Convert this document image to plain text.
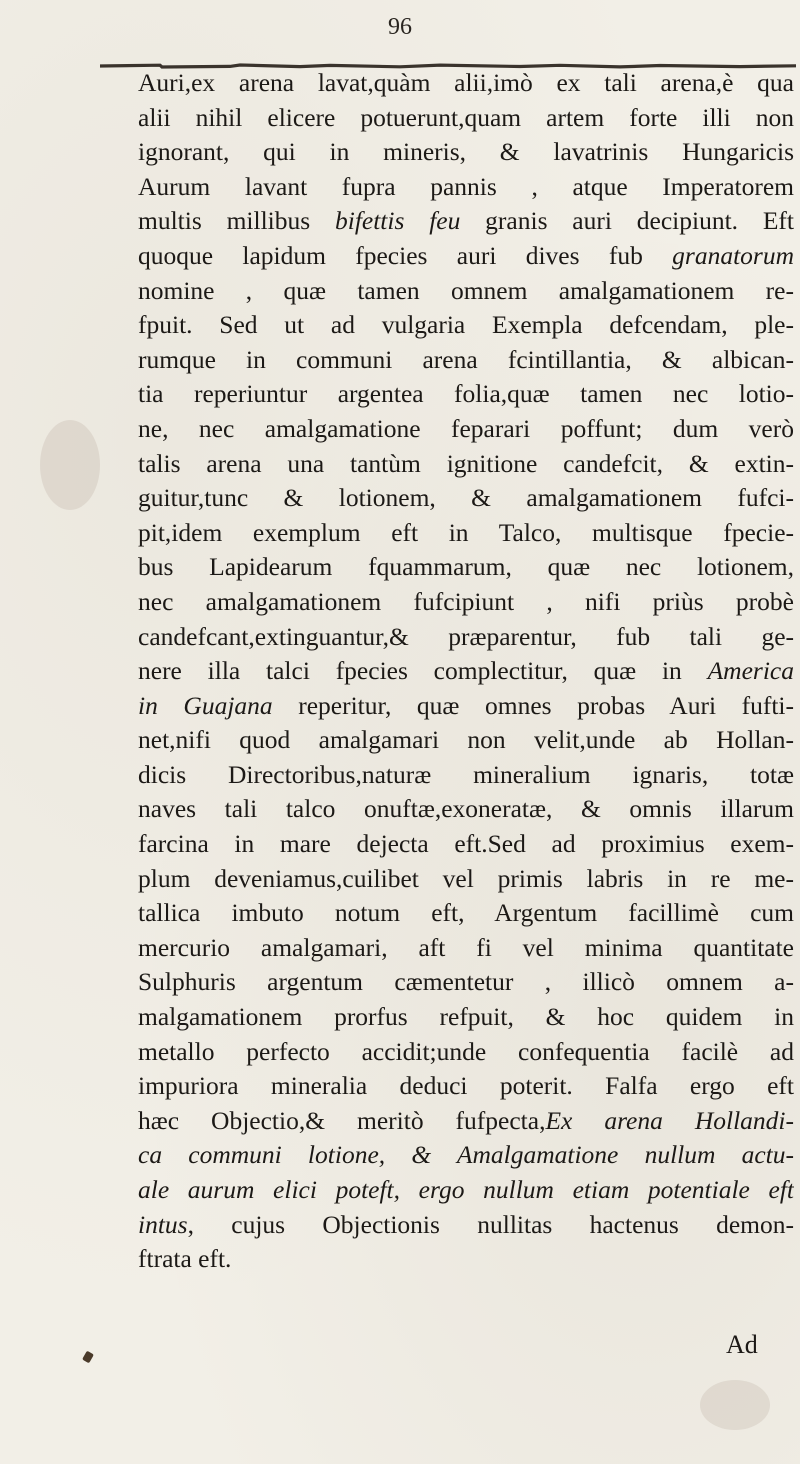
96
Auri,ex arena lavat,quàm alii,imò ex tali arena,è qua
alii nihil elicere potuerunt,quam artem forte illi non
ignorant, qui in mineris, & lavatrinis Hungaricis
Aurum lavant fupra pannis , atque Imperatorem
multis millibus bifettis feu granis auri decipiunt. Eft
quoque lapidum fpecies auri dives fub granatorum
nomine , quæ tamen omnem amalgamationem re-
fpuit. Sed ut ad vulgaria Exempla defcendam, ple-
rumque in communi arena fcintillantia, & albican-
tia reperiuntur argentea folia,quæ tamen nec lotio-
ne, nec amalgamatione feparari poffunt; dum verò
talis arena una tantùm ignitione candefcit, & extin-
guitur,tunc & lotionem, & amalgamationem fufci-
pit,idem exemplum eft in Talco, multisque fpecie-
bus Lapidearum fquammarum, quæ nec lotionem,
nec amalgamationem fufcipiunt , nifi priùs probè
candefcant,extinguantur,& præparentur, fub tali ge-
nere illa talci fpecies complectitur, quæ in America
in Guajana reperitur, quæ omnes probas Auri fufti-
net,nifi quod amalgamari non velit,unde ab Hollan-
dicis Directoribus,naturæ mineralium ignaris, totæ
naves tali talco onuftæ,exoneratæ, & omnis illarum
farcina in mare dejecta eft.Sed ad proximius exem-
plum deveniamus,cuilibet vel primis labris in re me-
tallica imbuto notum eft, Argentum facillimè cum
mercurio amalgamari, aft fi vel minima quantitate
Sulphuris argentum cæmentetur , illicò omnem a-
malgamationem prorfus refpuit, & hoc quidem in
metallo perfecto accidit;unde confequentia facilè ad
impuriora mineralia deduci poterit. Falfa ergo eft
hæc Objectio,& meritò fufpecta,Ex arena Hollandi-
ca communi lotione, & Amalgamatione nullum actu-
ale aurum elici poteft, ergo nullum etiam potentiale eft
intus, cujus Objectionis nullitas hactenus demon-
ftrata eft.
Ad
